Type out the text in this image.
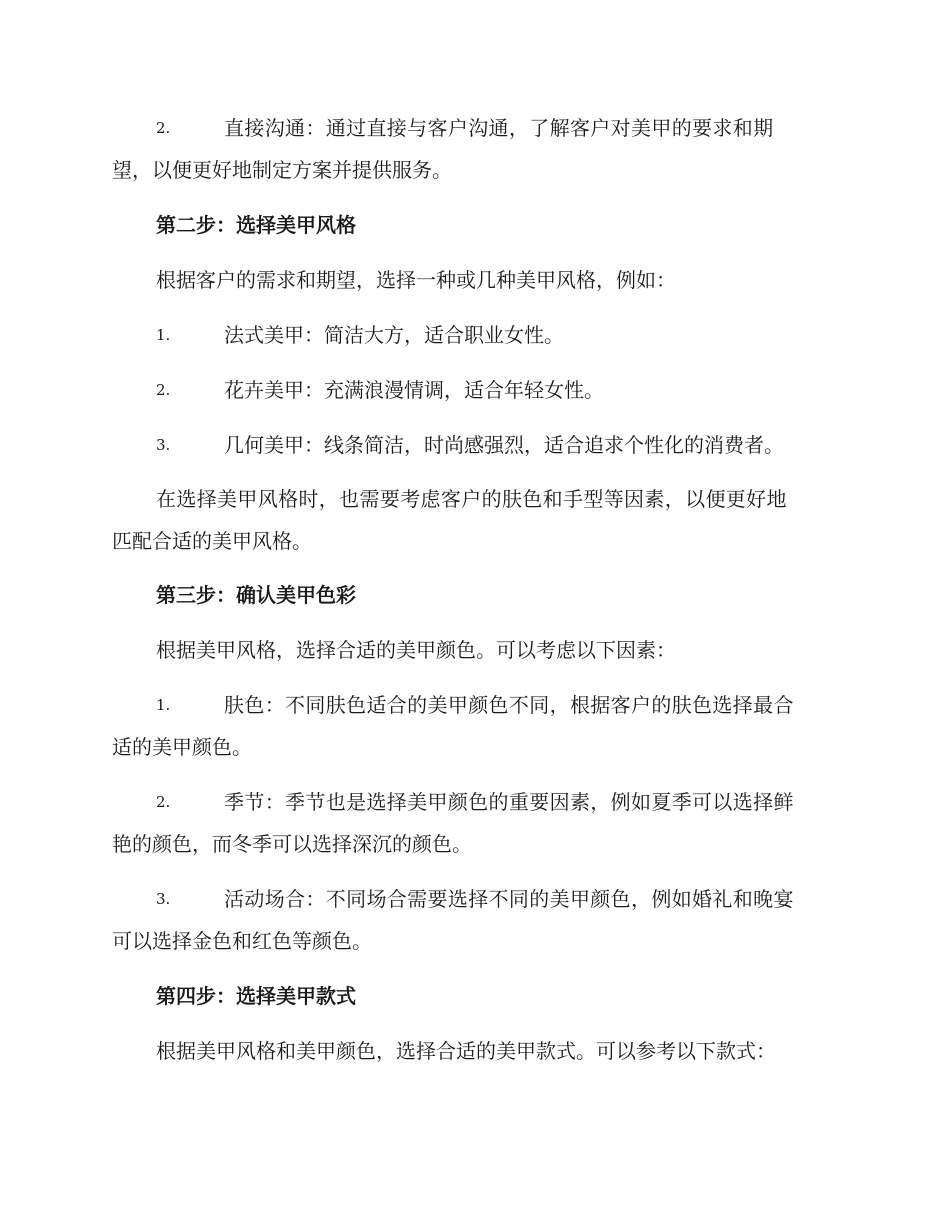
2.	直接沟通：通过直接与客户沟通，了解客户对美甲的要求和期
望，以便更好地制定方案并提供服务。
第二步：选择美甲风格
根据客户的需求和期望，选择一种或几种美甲风格，例如：
1.	法式美甲：简洁大方，适合职业女性。
2.	花卉美甲：充满浪漫情调，适合年轻女性。
3.	几何美甲：线条简洁，时尚感强烈，适合追求个性化的消费者。
在选择美甲风格时，也需要考虑客户的肤色和手型等因素，以便更好地
匹配合适的美甲风格。
第三步：确认美甲色彩
根据美甲风格，选择合适的美甲颜色。可以考虑以下因素：
1.	肤色：不同肤色适合的美甲颜色不同，根据客户的肤色选择最合
适的美甲颜色。
2.	季节：季节也是选择美甲颜色的重要因素，例如夏季可以选择鲜
艳的颜色，而冬季可以选择深沉的颜色。
3.	活动场合：不同场合需要选择不同的美甲颜色，例如婚礼和晚宴
可以选择金色和红色等颜色。
第四步：选择美甲款式
根据美甲风格和美甲颜色，选择合适的美甲款式。可以参考以下款式：
